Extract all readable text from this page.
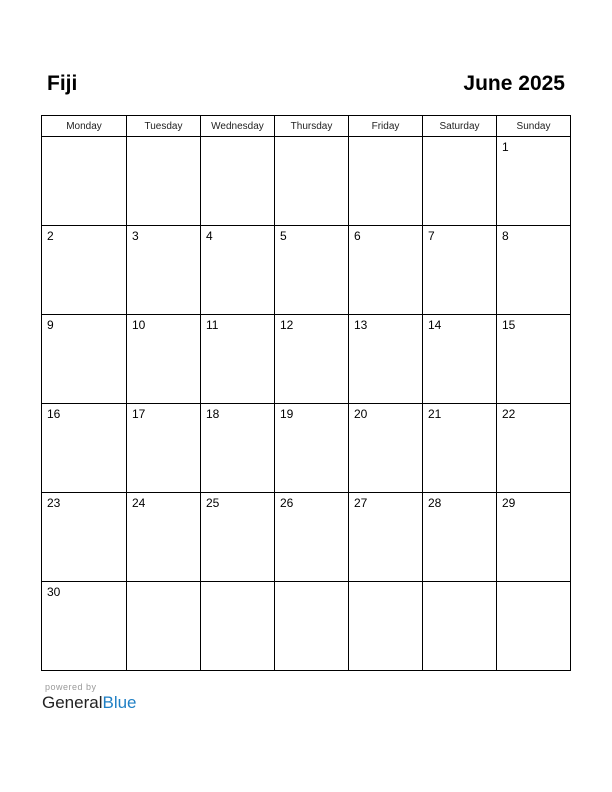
Fiji	June 2025
Monday	Tuesday	Wednesday	Thursday	Friday	Saturday	Sunday

						1

2	3	4	5	6	7	8

9	10	11	12	13	14	15

16	17	18	19	20	21	22

23	24	25	26	27	28	29

30						

powered by
GeneralBlue
